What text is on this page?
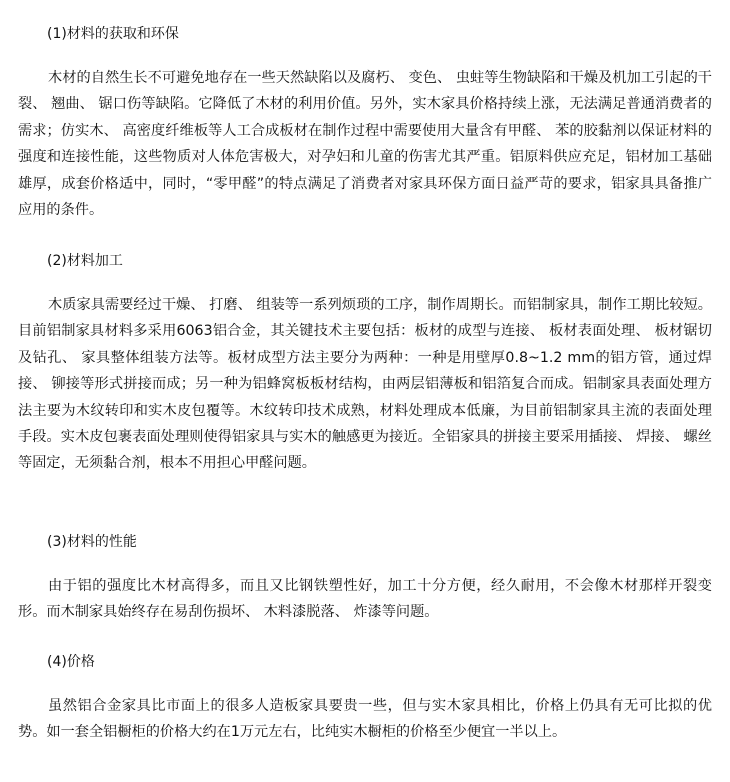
(1)材料的获取和环保

木材的自然生长不可避免地存在一些天然缺陷以及腐朽、 变色、 虫蛀等生物缺陷和干燥及机加工引起的干裂、 翘曲、 锯口伤等缺陷。它降低了木材的利用价值。另外，实木家具价格持续上涨，无法满足普通消费者的需求；仿实木、 高密度纤维板等人工合成板材在制作过程中需要使用大量含有甲醛、 苯的胶黏剂以保证材料的强度和连接性能，这些物质对人体危害极大，对孕妇和儿童的伤害尤其严重。铝原料供应充足，铝材加工基础雄厚，成套价格适中，同时，“零甲醛”的特点满足了消费者对家具环保方面日益严苛的要求，铝家具具备推广应用的条件。

(2)材料加工

木质家具需要经过干燥、 打磨、 组装等一系列烦琐的工序，制作周期长。而铝制家具，制作工期比较短。目前铝制家具材料多采用6063铝合金，其关键技术主要包括：板材的成型与连接、 板材表面处理、 板材锯切及钻孔、 家具整体组装方法等。板材成型方法主要分为两种：一种是用壁厚0.8~1.2 mm的铝方管，通过焊接、 铆接等形式拼接而成；另一种为铝蜂窝板板材结构，由两层铝薄板和铝箔复合而成。铝制家具表面处理方法主要为木纹转印和实木皮包覆等。木纹转印技术成熟，材料处理成本低廉，为目前铝制家具主流的表面处理手段。实木皮包裹表面处理则使得铝家具与实木的触感更为接近。全铝家具的拼接主要采用插接、 焊接、 螺丝等固定，无须黏合剂，根本不用担心甲醛问题。

(3)材料的性能

由于铝的强度比木材高得多，而且又比钢铁塑性好，加工十分方便，经久耐用，不会像木材那样开裂变形。而木制家具始终存在易刮伤损坏、 木料漆脱落、 炸漆等问题。

(4)价格

虽然铝合金家具比市面上的很多人造板家具要贵一些，但与实木家具相比，价格上仍具有无可比拟的优势。如一套全铝橱柜的价格大约在1万元左右，比纯实木橱柜的价格至少便宜一半以上。
